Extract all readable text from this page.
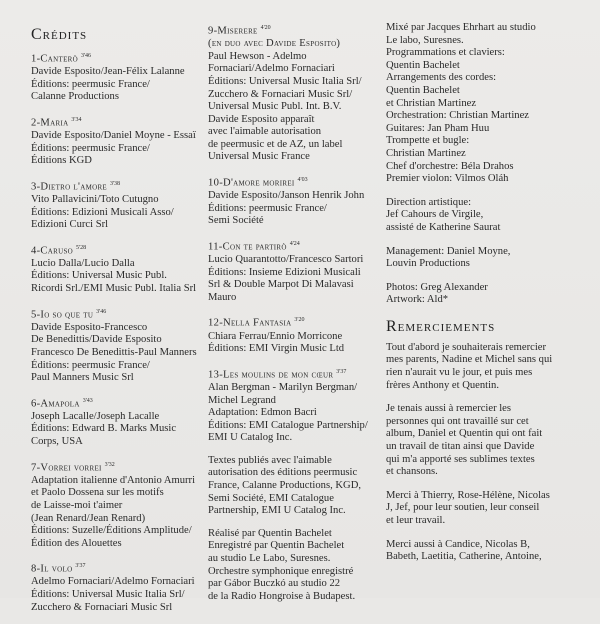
Crédits
1-Canterò $^{3'46}$
Davide Esposito/Jean-Félix Lalanne
Éditions: peermusic France/
Calanne Productions
2-Maria $^{3'34}$
Davide Esposito/Daniel Moyne - Essaï
Éditions: peermusic France/
Éditions KGD
3-Dietro l'amore $^{3'38}$
Vito Pallavicini/Toto Cutugno
Éditions: Edizioni Musicali Asso/
Edizioni Curci Srl
4-Caruso $^{5'28}$
Lucio Dalla/Lucio Dalla
Éditions: Universal Music Publ.
Ricordi Srl./EMI Music Publ. Italia Srl
5-Io so que tu $^{3'46}$
Davide Esposito-Francesco
De Benedittis/Davide Esposito
Francesco De Benedittis-Paul Manners
Éditions: peermusic France/
Paul Manners Music Srl
6-Amapola $^{3'43}$
Joseph Lacalle/Joseph Lacalle
Éditions: Edward B. Marks Music
Corps, USA
7-Vorrei vorrei $^{3'32}$
Adaptation italienne d'Antonio Amurri
et Paolo Dossena sur les motifs
de Laisse-moi t'aimer
(Jean Renard/Jean Renard)
Éditions: Suzelle/Éditions Amplitude/
Édition des Alouettes
8-Il volo $^{3'37}$
Adelmo Fornaciari/Adelmo Fornaciari
Éditions: Universal Music Italia Srl/
Zucchero & Fornaciari Music Srl
9-Miserere $^{4'20}$
(en duo avec Davide Esposito)
Paul Hewson - Adelmo
Fornaciari/Adelmo Fornaciari
Éditions: Universal Music Italia Srl/
Zucchero & Fornaciari Music Srl/
Universal Music Publ. Int. B.V.
Davide Esposito apparaît
avec l'aimable autorisation
de peermusic et de AZ, un label
Universal Music France
10-D'amore morirei $^{4'03}$
Davide Esposito/Janson Henrik John
Éditions: peermusic France/
Semi Société
11-Con te partirò $^{4'24}$
Lucio Quarantotto/Francesco Sartori
Éditions: Insieme Edizioni Musicali
Srl & Double Marpot Di Malavasi
Mauro
12-Nella Fantasia $^{3'20}$
Chiara Ferrau/Ennio Morricone
Éditions: EMI Virgin Music Ltd
13-Les moulins de mon cœur $^{3'37}$
Alan Bergman - Marilyn Bergman/
Michel Legrand
Adaptation: Edmon Bacri
Éditions: EMI Catalogue Partnership/
EMI U Catalog Inc.
Textes publiés avec l'aimable
autorisation des éditions peermusic
France, Calanne Productions, KGD,
Semi Société, EMI Catalogue
Partnership, EMI U Catalog Inc.
Réalisé par Quentin Bachelet
Enregistré par Quentin Bachelet
au studio Le Labo, Suresnes.
Orchestre symphonique enregistré
par Gábor Buczkó au studio 22
de la Radio Hongroise à Budapest.
Mixé par Jacques Ehrhart au studio
Le labo, Suresnes.
Programmations et claviers:
Quentin Bachelet
Arrangements des cordes:
Quentin Bachelet
et Christian Martinez
Orchestration: Christian Martinez
Guitares: Jan Pham Huu
Trompette et bugle:
Christian Martinez
Chef d'orchestre: Béla Drahos
Premier violon: Vilmos Oláh
Direction artistique:
Jef Cahours de Virgile,
assisté de Katherine Saurat
Management: Daniel Moyne,
Louvin Productions
Photos: Greg Alexander
Artwork: Ald*
Remerciements
Tout d'abord je souhaiterais remercier
mes parents, Nadine et Michel sans qui
rien n'aurait vu le jour, et puis mes
frères Anthony et Quentin.
Je tenais aussi à remercier les
personnes qui ont travaillé sur cet
album, Daniel et Quentin qui ont fait
un travail de titan ainsi que Davide
qui m'a apporté ses sublimes textes
et chansons.
Merci à Thierry, Rose-Hélène, Nicolas
J, Jef, pour leur soutien, leur conseil
et leur travail.
Merci aussi à Candice, Nicolas B,
Babeth, Laetitia, Catherine, Antoine,
